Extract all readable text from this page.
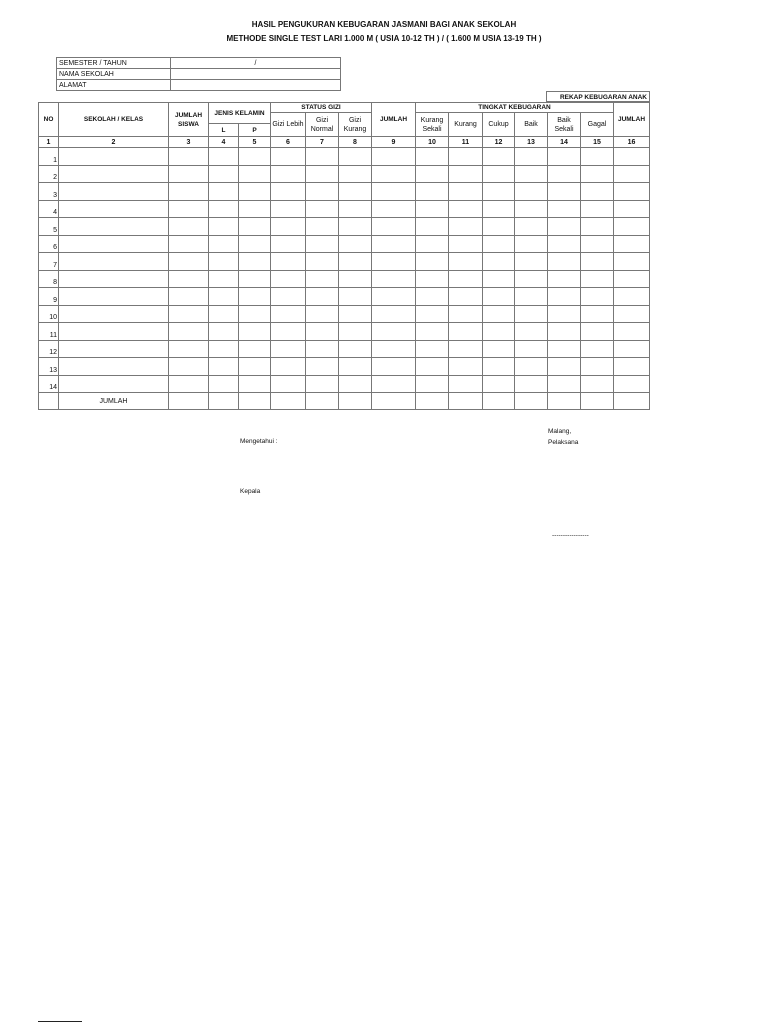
HASIL PENGUKURAN KEBUGARAN JASMANI BAGI ANAK SEKOLAH
METHODE SINGLE TEST LARI 1.000 M ( USIA 10-12 TH ) / ( 1.600 M USIA 13-19 TH )
SEMESTER / TAHUN	/
NAMA SEKOLAH	
ALAMAT	
REKAP KEBUGARAN ANAK
NO	SEKOLAH / KELAS	JUMLAH SISWA	JENIS KELAMIN		STATUS GIZI			JUMLAH	TINGKAT KEBUGARAN						JUMLAH
					Gizi Lebih	Gizi Normal	Gizi Kurang		Kurang Sekali	Kurang	Cukup	Baik	Baik Sekali	Gagal	
			L	P											
1	2	3	4	5	6	7	8	9	10	11	12	13	14	15	16
1															
2															
3															
4															
5															
6															
7															
8															
9															
10															
11															
12															
13															
14															
	JUMLAH														
Malang,
Pelaksana
Mengetahui :
Kepala
-----------------
